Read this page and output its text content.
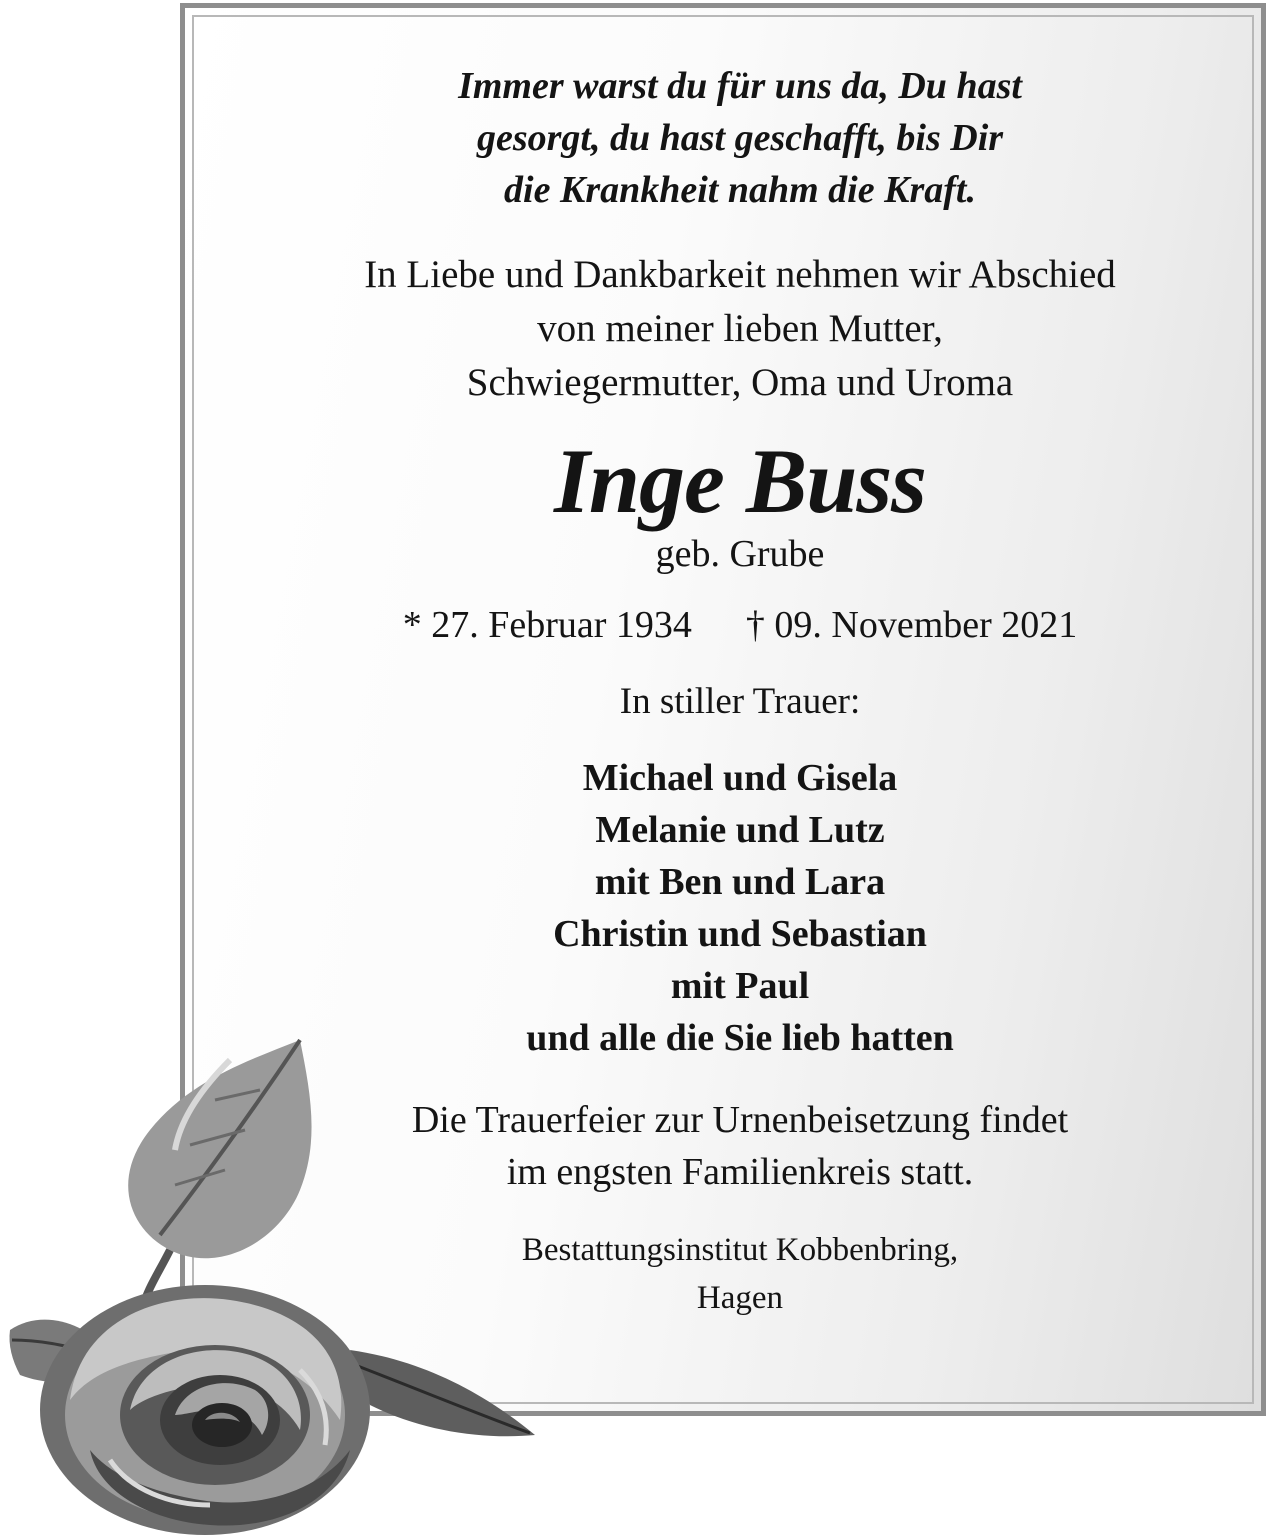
Immer warst du für uns da, Du hast
gesorgt, du hast geschafft, bis Dir
die Krankheit nahm die Kraft.
In Liebe und Dankbarkeit nehmen wir Abschied
von meiner lieben Mutter,
Schwiegermutter, Oma und Uroma
Inge Buss
geb. Grube
* 27. Februar 1934 † 09. November 2021
In stiller Trauer:
Michael und Gisela
Melanie und Lutz
mit Ben und Lara
Christin und Sebastian
mit Paul
und alle die Sie lieb hatten
Die Trauerfeier zur Urnenbeisetzung findet
im engsten Familienkreis statt.
Bestattungsinstitut Kobbenbring,
Hagen
